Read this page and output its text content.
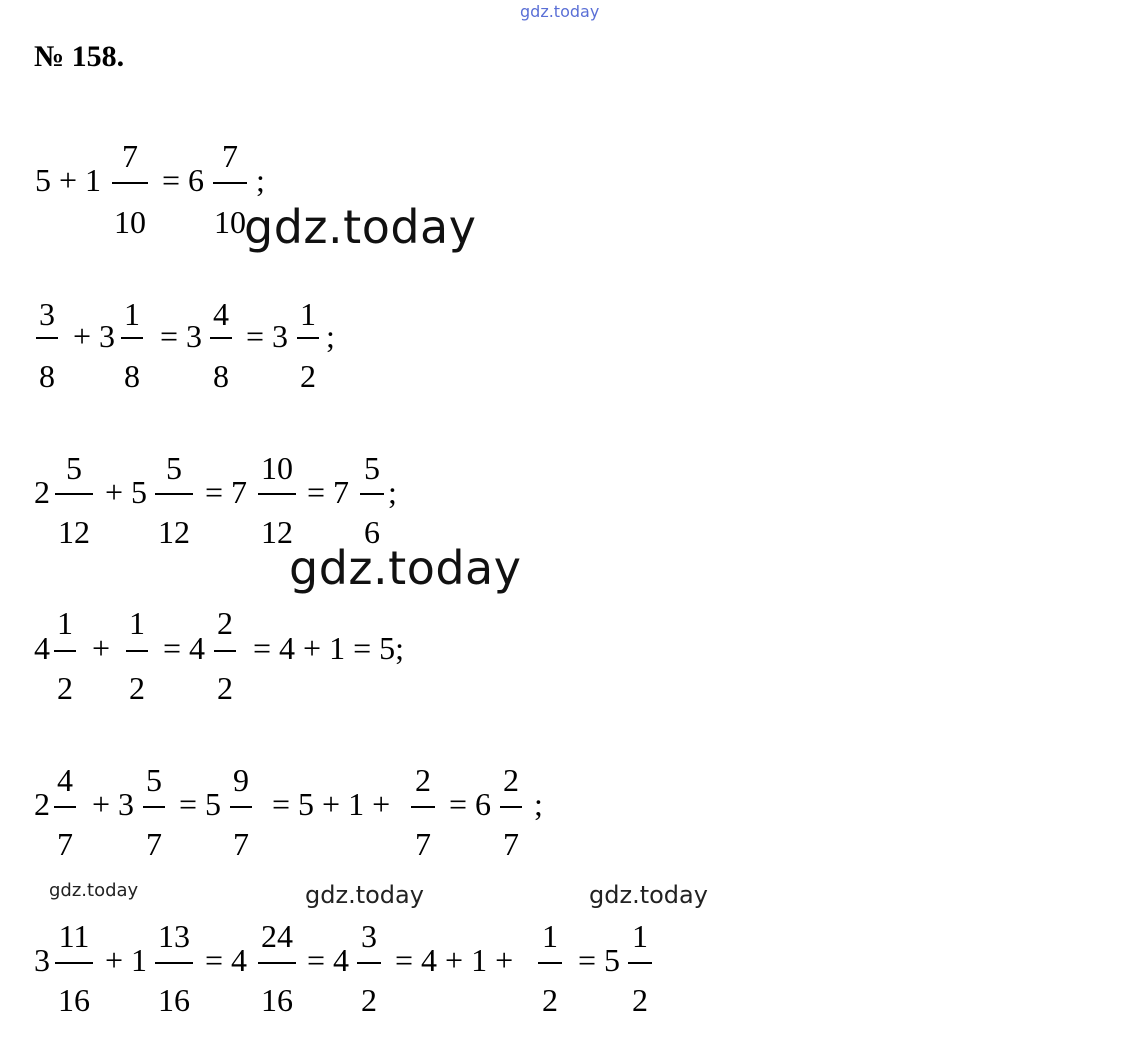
gdz.today
№ 158.
gdz.today
gdz.today
gdz.today	gdz.today	gdz.today
5 + 1
7
10
= 6
7
10
;
3
8
+ 3
1
8
= 3
4
8
= 3
1
2
;
2
5
12
+ 5
5
12
= 7
10
12
= 7
5
6
;
4
1
2
+
1
2
= 4
2
2
= 4 + 1 = 5;
2
4
7
+ 3
5
7
= 5
9
7
= 5 + 1 +
2
7
= 6
2
7
;
3
11
16
+ 1
13
16
= 4
24
16
= 4
3
2
= 4 + 1 +
1
2
= 5
1
2
